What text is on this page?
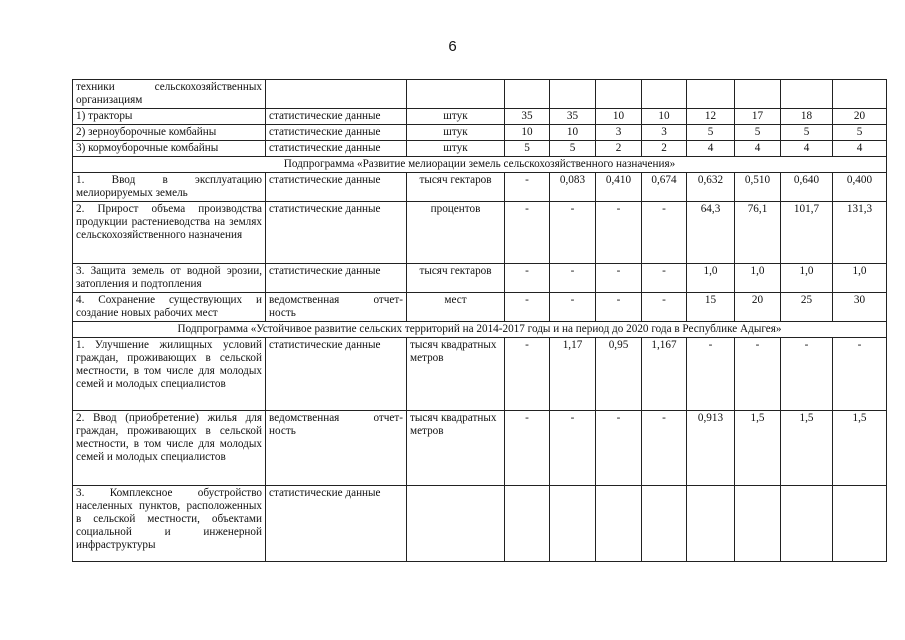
6
техники сельскохозяйственных организациям										
1) тракторы	статистические данные	штук	35	35	10	10	12	17	18	20
2) зерноуборочные комбайны	статистические данные	штук	10	10	3	3	5	5	5	5
3) кормоуборочные комбайны	статистические данные	штук	5	5	2	2	4	4	4	4
Подпрограмма «Развитие мелиорации земель сельскохозяйственного назначения»										
1. Ввод в эксплуатацию мелиорируемых земель	статистические данные	тысяч гектаров	-	0,083	0,410	0,674	0,632	0,510	0,640	0,400
2. Прирост объема производства продукции растениеводства на землях сельскохозяйственного назначения	статистические данные	процентов	-	-	-	-	64,3	76,1	101,7	131,3
3. Защита земель от водной эрозии, затопления и подтопления	статистические данные	тысяч гектаров	-	-	-	-	1,0	1,0	1,0	1,0
4. Сохранение существующих и создание новых рабочих мест	ведомственная отчет-
ность	мест	-	-	-	-	15	20	25	30
Подпрограмма «Устойчивое развитие сельских территорий на 2014-2017 годы и на период до 2020 года в Республике Адыгея»										
1. Улучшение жилищных условий граждан, проживающих в сельской местности, в том числе для молодых семей и молодых специалистов	статистические данные	тысяч квадратных метров	-	1,17	0,95	1,167	-	-	-	-
2. Ввод (приобретение) жилья для граждан, проживающих в сельской местности, в том числе для молодых семей и молодых специалистов	ведомственная отчет-
ность	тысяч квадратных метров	-	-	-	-	0,913	1,5	1,5	1,5
3. Комплексное обустройство населенных пунктов, расположенных в сельской местности, объектами социальной и инженерной инфраструктуры	статистические данные									
